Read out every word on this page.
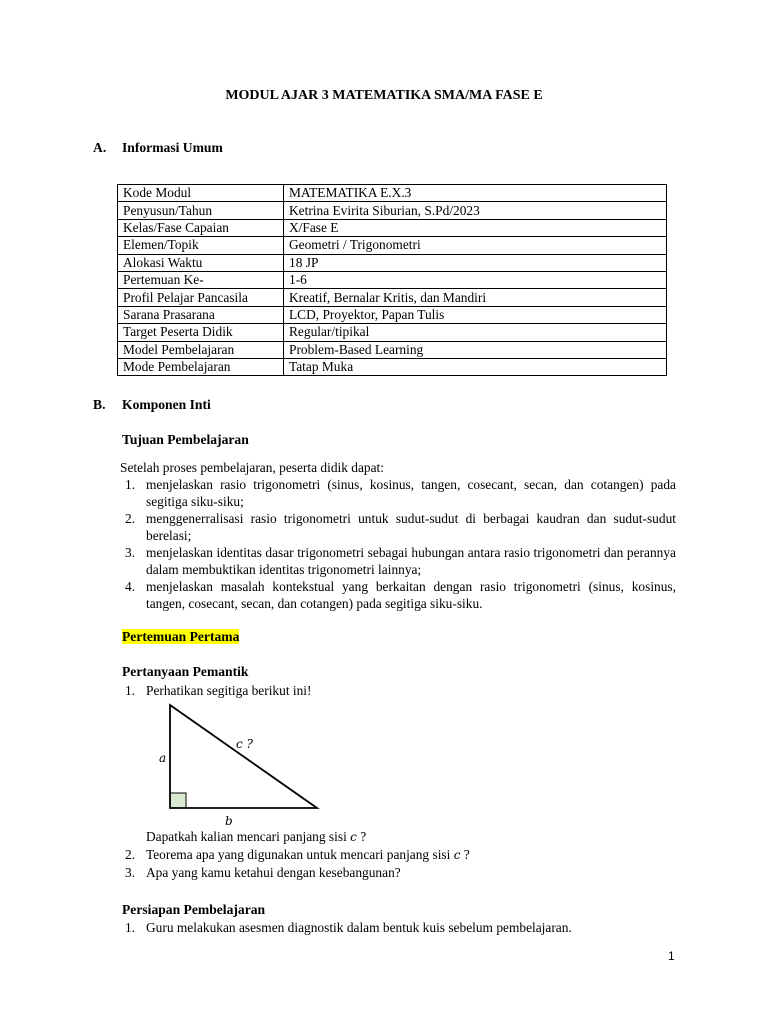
MODUL AJAR 3 MATEMATIKA SMA/MA FASE E
A. Informasi Umum
Kode Modul	MATEMATIKA E.X.3
Penyusun/Tahun	Ketrina Evirita Siburian, S.Pd/2023
Kelas/Fase Capaian	X/Fase E
Elemen/Topik	Geometri / Trigonometri
Alokasi Waktu	18 JP
Pertemuan Ke-	1-6
Profil Pelajar Pancasila	Kreatif, Bernalar Kritis, dan Mandiri
Sarana Prasarana	LCD, Proyektor, Papan Tulis
Target Peserta Didik	Regular/tipikal
Model Pembelajaran	Problem-Based Learning
Mode Pembelajaran	Tatap Muka
B. Komponen Inti
Tujuan Pembelajaran
Setelah proses pembelajaran, peserta didik dapat:
1. menjelaskan rasio trigonometri (sinus, kosinus, tangen, cosecant, secan, dan cotangen) pada segitiga siku-siku;
2. menggenerralisasi rasio trigonometri untuk sudut-sudut di berbagai kaudran dan sudut-sudut berelasi;
3. menjelaskan identitas dasar trigonometri sebagai hubungan antara rasio trigonometri dan perannya dalam membuktikan identitas trigonometri lainnya;
4. menjelaskan masalah kontekstual yang berkaitan dengan rasio trigonometri (sinus, kosinus, tangen, cosecant, secan, dan cotangen) pada segitiga siku-siku.
Pertemuan Pertama
Pertanyaan Pemantik
1. Perhatikan segitiga berikut ini!
a
b
c ?
Dapatkah kalian mencari panjang sisi c ?
2. Teorema apa yang digunakan untuk mencari panjang sisi c ?
3. Apa yang kamu ketahui dengan kesebangunan?
Persiapan Pembelajaran
1. Guru melakukan asesmen diagnostik dalam bentuk kuis sebelum pembelajaran.
1
